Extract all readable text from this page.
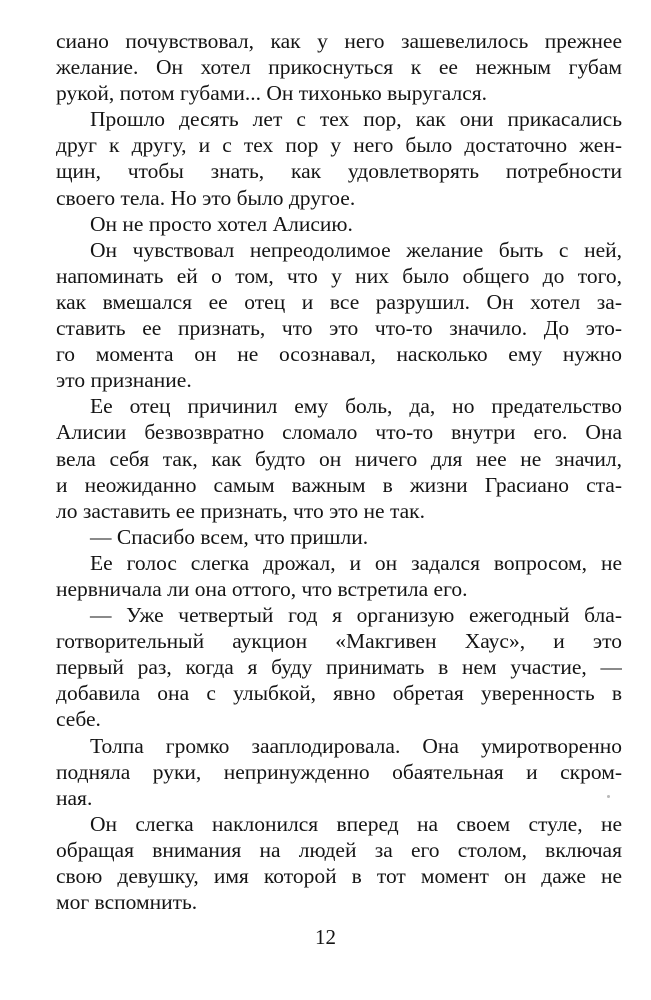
сиано почувствовал, как у него зашевелилось прежнее
желание. Он хотел прикоснуться к ее нежным губам
рукой, потом губами... Он тихонько выругался.
Прошло десять лет с тех пор, как они прикасались
друг к другу, и с тех пор у него было достаточно жен-
щин, чтобы знать, как удовлетворять потребности
своего тела. Но это было другое.
Он не просто хотел Алисию.
Он чувствовал непреодолимое желание быть с ней,
напоминать ей о том, что у них было общего до того,
как вмешался ее отец и все разрушил. Он хотел за-
ставить ее признать, что это что-то значило. До это-
го момента он не осознавал, насколько ему нужно
это признание.
Ее отец причинил ему боль, да, но предательство
Алисии безвозвратно сломало что-то внутри его. Она
вела себя так, как будто он ничего для нее не значил,
и неожиданно самым важным в жизни Грасиано ста-
ло заставить ее признать, что это не так.
— Спасибо всем, что пришли.
Ее голос слегка дрожал, и он задался вопросом, не
нервничала ли она оттого, что встретила его.
— Уже четвертый год я организую ежегодный бла-
готворительный аукцион «Макгивен Хаус», и это
первый раз, когда я буду принимать в нем участие, —
добавила она с улыбкой, явно обретая уверенность в
себе.
Толпа громко зааплодировала. Она умиротворенно
подняла руки, непринужденно обаятельная и скром-
ная.
Он слегка наклонился вперед на своем стуле, не
обращая внимания на людей за его столом, включая
свою девушку, имя которой в тот момент он даже не
мог вспомнить.
12
